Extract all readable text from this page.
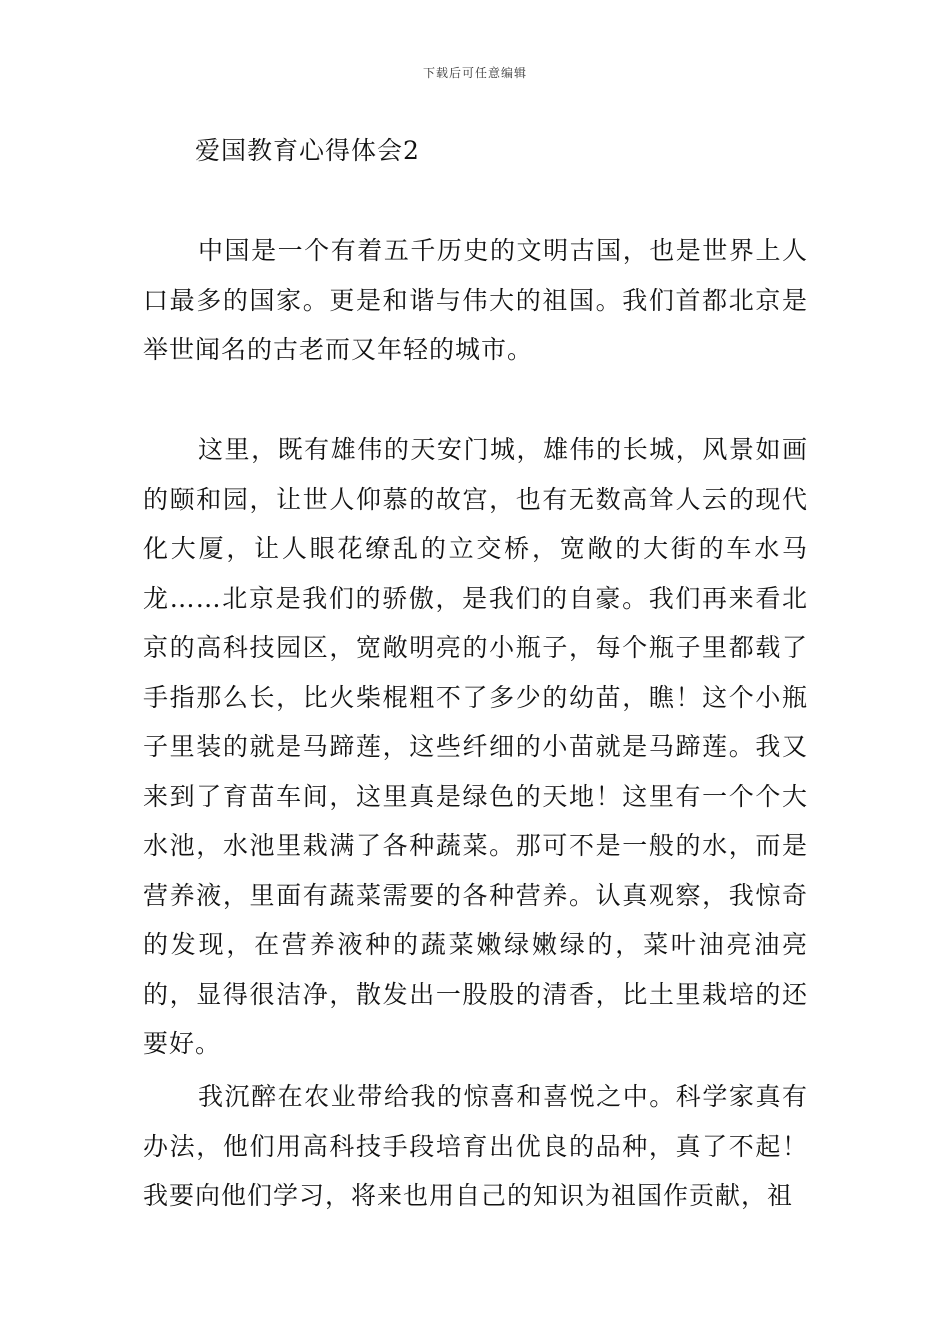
下载后可任意编辑
爱国教育心得体会2

中国是一个有着五千历史的文明古国，也是世界上人口最多的国家。更是和谐与伟大的祖国。我们首都北京是举世闻名的古老而又年轻的城市。

这里，既有雄伟的天安门城，雄伟的长城，风景如画的颐和园，让世人仰慕的故宫，也有无数高耸人云的现代化大厦，让人眼花缭乱的立交桥，宽敞的大街的车水马龙……北京是我们的骄傲，是我们的自豪。我们再来看北京的高科技园区，宽敞明亮的小瓶子，每个瓶子里都载了手指那么长，比火柴棍粗不了多少的幼苗，瞧！这个小瓶子里装的就是马蹄莲，这些纤细的小苗就是马蹄莲。我又来到了育苗车间，这里真是绿色的天地！这里有一个个大水池，水池里栽满了各种蔬菜。那可不是一般的水，而是营养液，里面有蔬菜需要的各种营养。认真观察，我惊奇的发现，在营养液种的蔬菜嫩绿嫩绿的，菜叶油亮油亮的，显得很洁净，散发出一股股的清香，比土里栽培的还要好。

我沉醉在农业带给我的惊喜和喜悦之中。科学家真有办法，他们用高科技手段培育出优良的品种，真了不起！我要向他们学习，将来也用自己的知识为祖国作贡献，祖
